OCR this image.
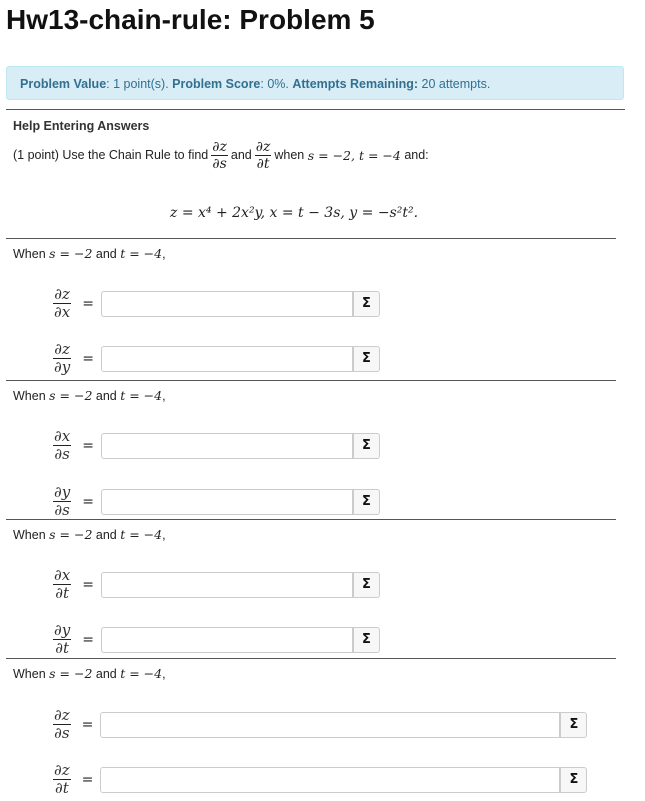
Hw13-chain-rule: Problem 5
Problem Value: 1 point(s). Problem Score: 0%. Attempts Remaining: 20 attempts.
Help Entering Answers
(1 point) Use the Chain Rule to find $\frac{\partial z}{\partial s}$ and $\frac{\partial z}{\partial t}$ when
s = −2, t = −4
and:
z = x⁴ + 2x²y, x = t − 3s, y = −s²t².
When s = −2 and t = −4,
$\frac{\partial z}{\partial x}$ =	Σ
$\frac{\partial z}{\partial y}$ =	Σ
When s = −2 and t = −4,
$\frac{\partial x}{\partial s}$ =	Σ
$\frac{\partial y}{\partial s}$ =	Σ
When s = −2 and t = −4,
$\frac{\partial x}{\partial t}$ =	Σ
$\frac{\partial y}{\partial t}$ =	Σ
When s = −2 and t = −4,
$\frac{\partial z}{\partial s}$ =	Σ
$\frac{\partial z}{\partial t}$ =	Σ
